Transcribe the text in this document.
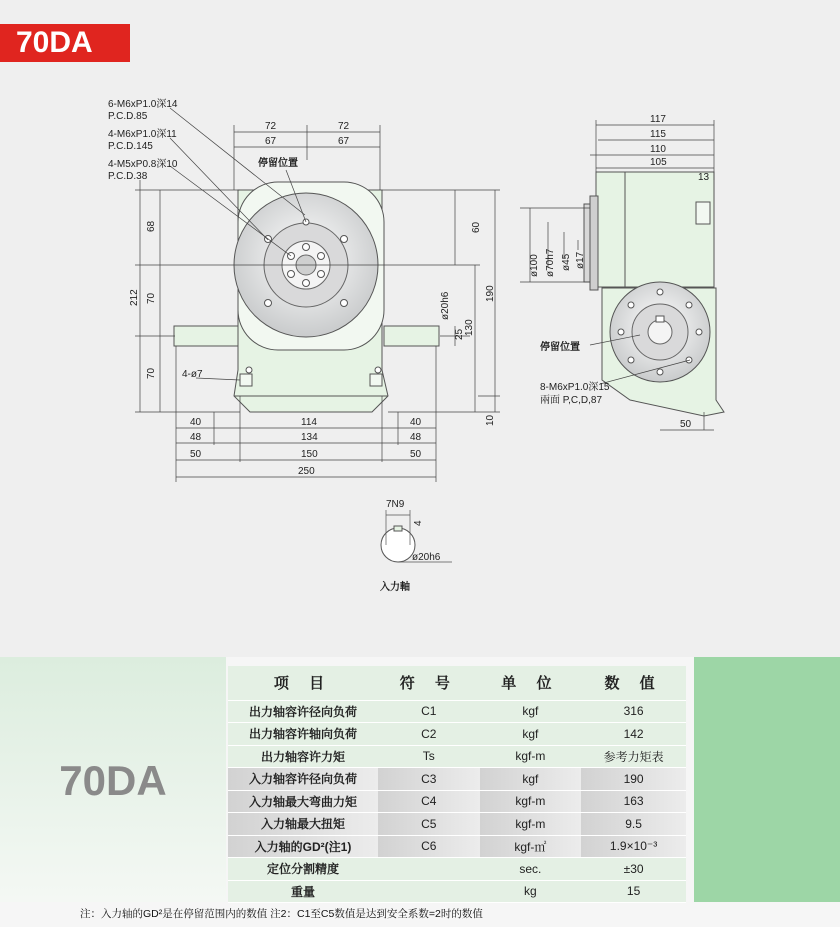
70DA
6-M6xP1.0深14
P.C.D.85
4-M6xP1.0深11
P.C.D.145
4-M5xP0.8深10
P.C.D.38
停留位置
72	72
67	67
68
212 70
70
60
190
130
25
10
ø20h6
4-ø7
40	114	40
48	134	48
50	150	50
250
117
115
110
105
13
ø100 ø70h7 ø45 ø17
停留位置
8-M6xP1.0深15
兩面 P,C,D,87
50
7N9
4
ø20h6
入力軸
70DA
项 目	符 号	单 位	数 值
出力轴容许径向负荷	C1	kgf	316
出力轴容许轴向负荷	C2	kgf	142
出力轴容许力矩	Ts	kgf-m	参考力矩表
入力轴容许径向负荷	C3	kgf	190
入力轴最大弯曲力矩	C4	kgf-m	163
入力轴最大扭矩	C5	kgf-m	9.5
入力轴的GD²(注1)	C6	kgf-㎡	1.9×10⁻³
定位分割精度		sec.	±30
重量		kg	15
注：入力轴的GD²是在停留范围内的数值 注2：C1至C5数值是达到安全系数=2时的数值
